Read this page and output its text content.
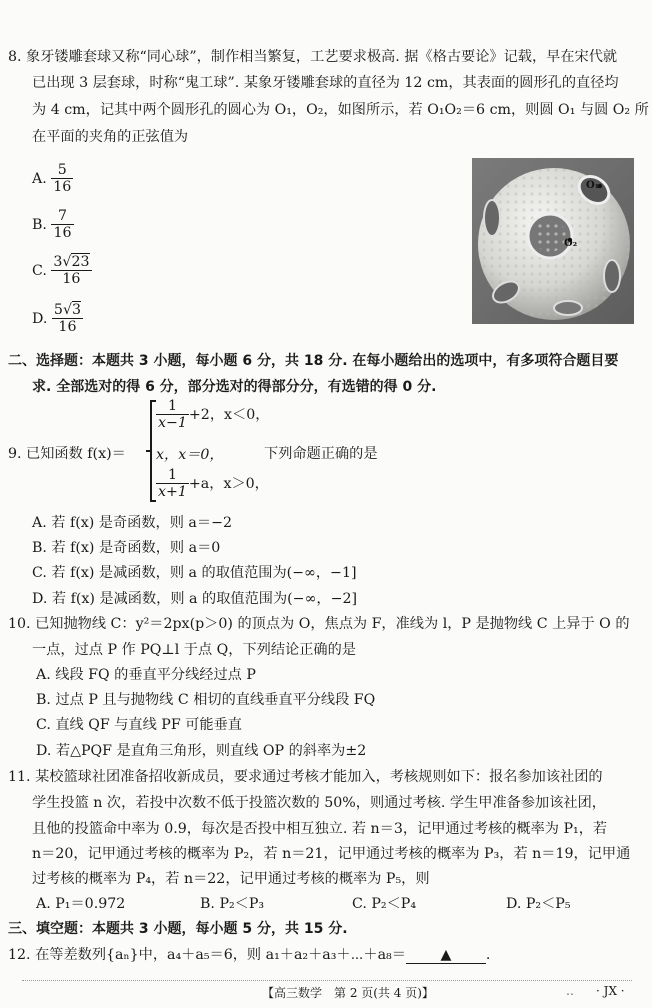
8. 象牙镂雕套球又称“同心球”，制作相当繁复，工艺要求极高. 据《格古要论》记载，早在宋代就
已出现 3 层套球，时称“鬼工球”. 某象牙镂雕套球的直径为 12 cm，其表面的圆形孔的直径均
为 4 cm，记其中两个圆形孔的圆心为 O₁，O₂，如图所示，若 O₁O₂＝6 cm，则圆 O₁ 与圆 O₂ 所
在平面的夹角的正弦值为
A. $\frac{5}{16}$
B. $\frac{7}{16}$
C. $\frac{3√23}{16}$
D. $\frac{5√3}{16}$
O₁
O₂
二、选择题：本题共 3 小题，每小题 6 分，共 18 分. 在每小题给出的选项中，有多项符合题目要
求. 全部选对的得 6 分，部分选对的得部分分，有选错的得 0 分.
9. 已知函数 f(x)＝
$\frac{1}{x-1} +2$，x＜0，
x，x＝0，
$\frac{1}{x+1} +a$，x＞0，
下列命题正确的是
A. 若 f(x) 是奇函数，则 a＝−2
B. 若 f(x) 是奇函数，则 a＝0
C. 若 f(x) 是减函数，则 a 的取值范围为(−∞，−1]
D. 若 f(x) 是减函数，则 a 的取值范围为(−∞，−2]
10. 已知抛物线 C：y²＝2px(p＞0) 的顶点为 O，焦点为 F，准线为 l，P 是抛物线 C 上异于 O 的
一点，过点 P 作 PQ⊥l 于点 Q，下列结论正确的是
A. 线段 FQ 的垂直平分线经过点 P
B. 过点 P 且与抛物线 C 相切的直线垂直平分线段 FQ
C. 直线 QF 与直线 PF 可能垂直
D. 若△PQF 是直角三角形，则直线 OP 的斜率为±2
11. 某校篮球社团准备招收新成员，要求通过考核才能加入，考核规则如下：报名参加该社团的
学生投篮 n 次，若投中次数不低于投篮次数的 50%，则通过考核. 学生甲准备参加该社团，
且他的投篮命中率为 0.9，每次是否投中相互独立. 若 n＝3，记甲通过考核的概率为 P₁，若
n＝20，记甲通过考核的概率为 P₂，若 n＝21，记甲通过考核的概率为 P₃，若 n＝19，记甲通
过考核的概率为 P₄，若 n＝22，记甲通过考核的概率为 P₅，则
A. P₁＝0.972	B. P₂＜P₃	C. P₂＜P₄	D. P₂＜P₅
三、填空题：本题共 3 小题，每小题 5 分，共 15 分.
12. 在等差数列{aₙ}中，a₄＋a₅＝6，则 a₁＋a₂＋a₃＋⋯＋a₈＝ ▲ .
【高三数学　第 2 页(共 4 页)】	‥ · JX ·
